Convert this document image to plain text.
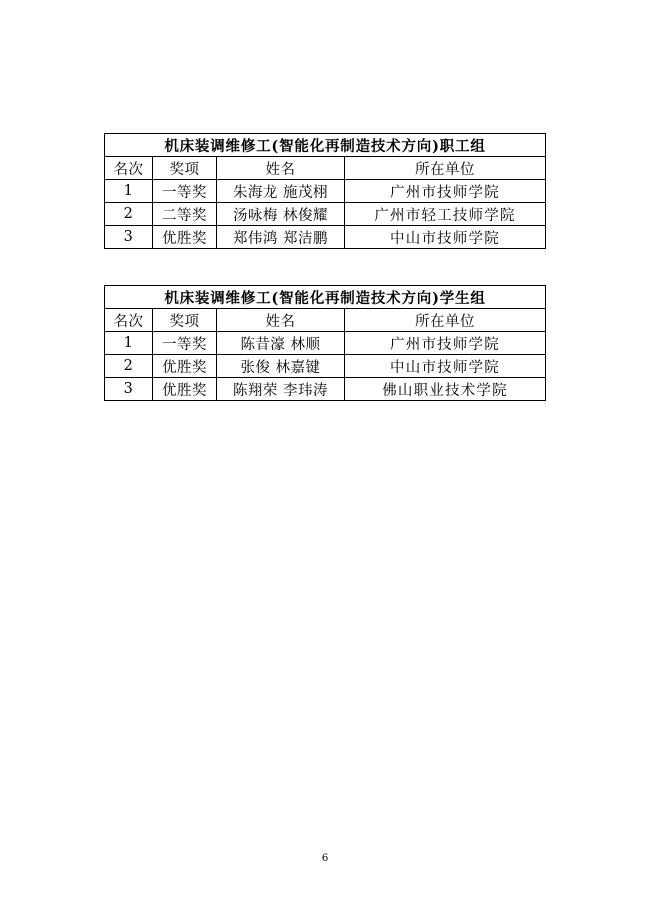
机床装调维修工(智能化再制造技术方向)职工组			
名次	奖项	姓名	所在单位
1	一等奖	朱海龙 施茂栩	广州市技师学院
2	二等奖	汤咏梅 林俊耀	广州市轻工技师学院
3	优胜奖	郑伟鸿 郑洁鹏	中山市技师学院
机床装调维修工(智能化再制造技术方向)学生组			
名次	奖项	姓名	所在单位
1	一等奖	陈昔濠 林顺	广州市技师学院
2	优胜奖	张俊 林嘉键	中山市技师学院
3	优胜奖	陈翔荣 李玮涛	佛山职业技术学院
6
